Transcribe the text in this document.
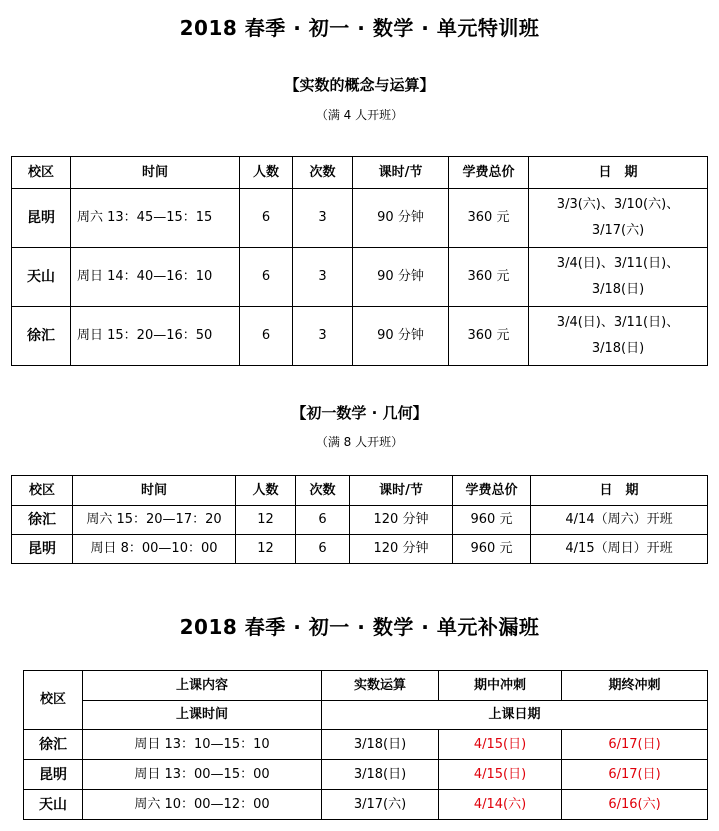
2018 春季 · 初一 · 数学 · 单元特训班
【实数的概念与运算】
（满 4 人开班）
校区	时间	人数	次数	课时/节	学费总价	日　期
昆明	周六 13：45—15：15	6	3	90 分钟	360 元	3/3(六)、3/10(六)、
3/17(六)

天山	周日 14：40—16：10	6	3	90 分钟	360 元	3/4(日)、3/11(日)、
3/18(日)

徐汇	周日 15：20—16：50	6	3	90 分钟	360 元	3/4(日)、3/11(日)、
3/18(日)
【初一数学 · 几何】
（满 8 人开班）
校区	时间	人数	次数	课时/节	学费总价	日　期
徐汇	周六 15：20—17：20	12	6	120 分钟	960 元	4/14（周六）开班
昆明	周日 8：00—10：00	12	6	120 分钟	960 元	4/15（周日）开班
2018 春季 · 初一 · 数学 · 单元补漏班
校区	上课内容	实数运算	期中冲刺	期终冲刺
	上课时间	上课日期		
徐汇	周日 13：10—15：10	3/18(日)	4/15(日)	6/17(日)
昆明	周日 13：00—15：00	3/18(日)	4/15(日)	6/17(日)
天山	周六 10：00—12：00	3/17(六)	4/14(六)	6/16(六)
